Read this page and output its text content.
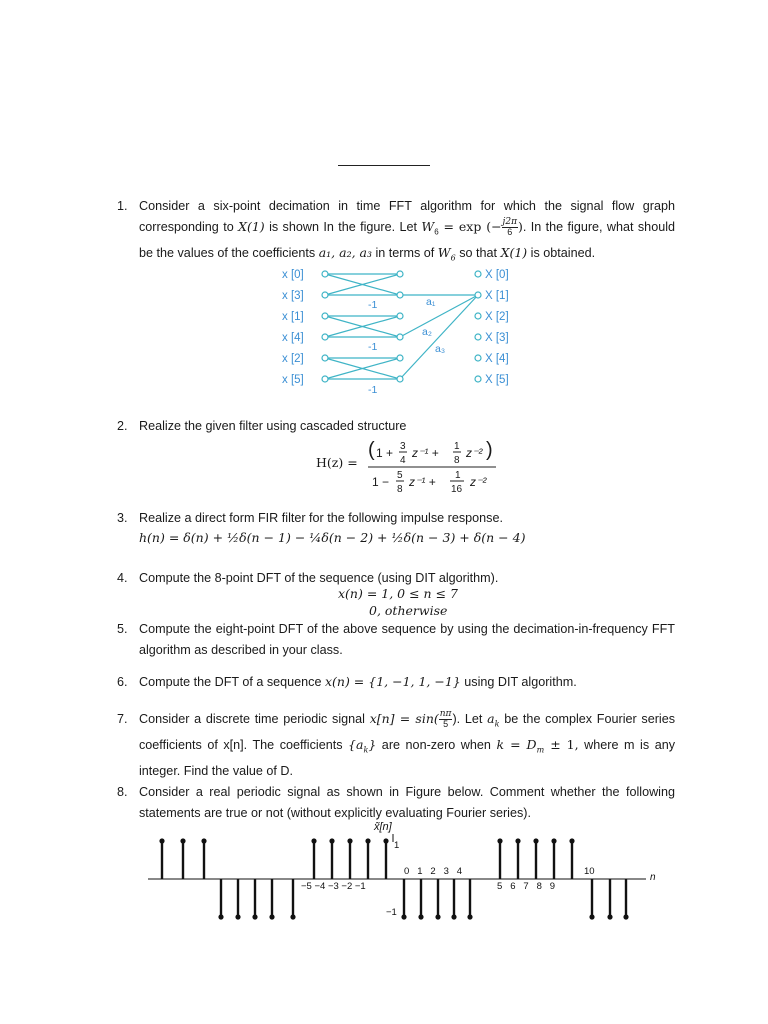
1. Consider a six-point decimation in time FFT algorithm for which the signal flow graph corresponding to X(1) is shown In the figure. Let $W_6 = \exp$ (− $\frac{j2\pi}{6}$ ). In the figure, what should be the values of the coefficients a₁, a₂, a₃ in terms of $W_6$ so that X(1) is obtained.
x [0]
x [3]
x [1]
x [4]
x [2]
x [5]
X [0]
X [1]
X [2]
X [3]
X [4]
X [5]
-1
-1
-1
a₁
a₂
a₃
2. Realize the given filter using cascaded structure
H(z) =
( 1 + 3
4
z⁻¹ + 1
8
z⁻² )
1 − 5
8
z⁻¹ + 1
16
z⁻²
3. Realize a direct form FIR filter for the following impulse response.
h(n) = δ(n) + ½δ(n − 1) − ¼δ(n − 2) + ½δ(n − 3) + δ(n − 4)
4. Compute the 8-point DFT of the sequence (using DIT algorithm).
x(n) = 1, 0 ≤ n ≤ 7
0, otherwise
5. Compute the eight-point DFT of the above sequence by using the decimation-in-frequency FFT algorithm as described in your class.
6. Compute the DFT of a sequence x(n) = {1, −1, 1, −1} using DIT algorithm.
7. Consider a discrete time periodic signal $x[n] = \sin( \frac{n\pi}{5}$ ). Let $a_k$ be the complex Fourier series coefficients of x[n]. The coefficients $\{a_k\}$ are non-zero when $k = D_m \pm 1$, where m is any integer. Find the value of D.
8. Consider a real periodic signal as shown in Figure below. Comment whether the following statements are true or not (without explicitly evaluating Fourier series).
x̃[n]
1
−1
n
−5 −4 −3 −2 −1
0   1   2   3   4
5   6   7   8   9
10
